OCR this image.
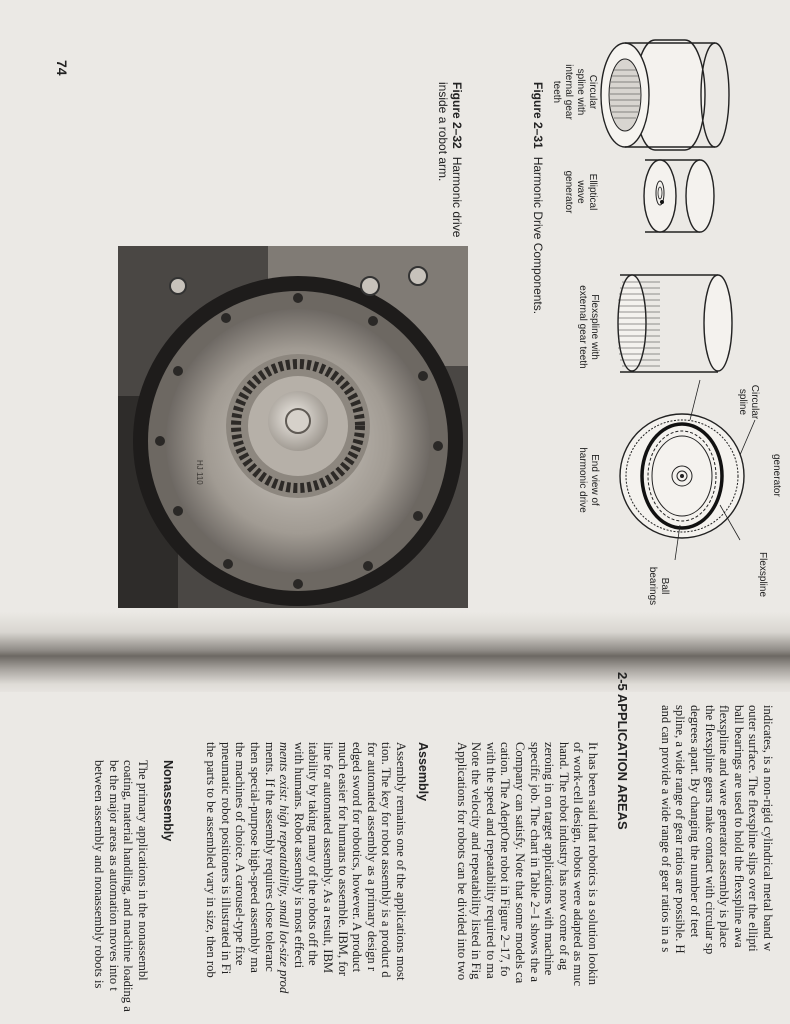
74
Figure 2–31Harmonic Drive Components.
Figure 2–32Harmonic drive
inside a robot arm.	Circular spline with internal gear teeth
Elliptical wave generator
Flexspline with external gear teeth
End view of harmonic drive	generator
Flexspline
Circular spline
Ball bearings
HJ 110
indicates, is a non-rigid cylindrical metal band w
outer surface. The flexspline slips over the ellipti
ball bearings are used to hold the flexspline awa
flexspline and wave generator assembly is place
the flexspline gears make contact with circular sp
degrees apart. By changing the number of teet
spline, a wide range of gear ratios are possible. H
and can provide a wide range of gear ratios in a s
2-5 APPLICATION AREAS
It has been said that robotics is a solution lookin
of work-cell design, robots were adapted as muc
hand. The robot industry has now come of ag
zeroing in on target applications with machine
specific job. The chart in Table 2–1 shows the a
Company can satisfy. Note that some models ca
cation. The AdeptOne robot in Figure 2–17, fo
with the speed and repeatability required to ma
Note the velocity and repeatability listed in Fig
Applications for robots can be divided into two
Assembly
Assembly remains one of the applications most
tion. The key for robot assembly is a product d
for automated assembly as a primary design r
edged sword for robotics, however. A product
much easier for humans to assemble. IBM, for
line for automated assembly. As a result, IBM
itability by taking many of the robots off the
with humans. Robot assembly is most effecti
ments exist: high repeatability, small lot-size prod
ments. If the assembly requires close toleranc
then special-purpose high-speed assembly ma
the machines of choice. A carousel-type fixe
pneumatic robot positioners is illustrated in Fi
the parts to be assembled vary in size, then rob
Nonassembly
The primary applications in the nonassembl
coating, material handling, and machine loading a
be the major areas as automation moves into t
between assembly and nonassembly robots is
